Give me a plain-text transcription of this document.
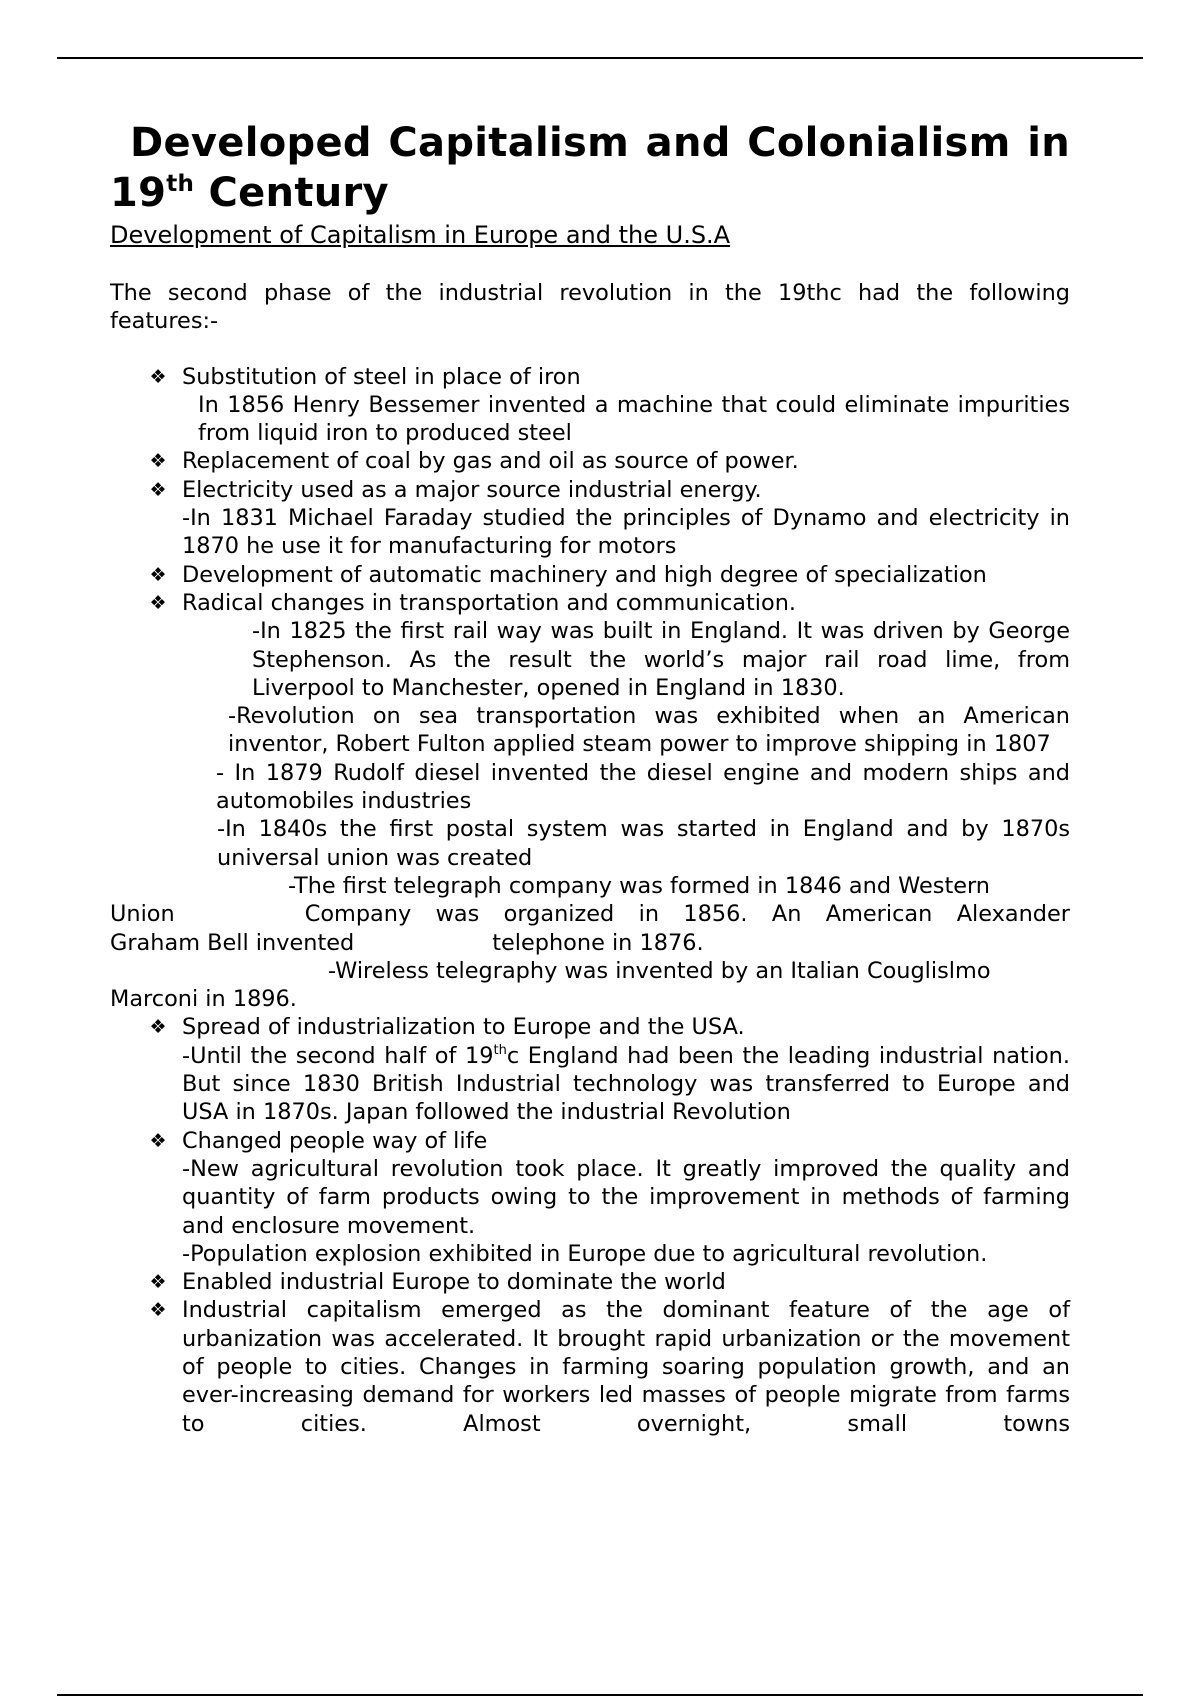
Developed Capitalism and Colonialism in 19th Century
Development of Capitalism in Europe and the U.S.A

The second phase of the industrial revolution in the 19thc had the following features:-

❖ Substitution of steel in place of iron
In 1856 Henry Bessemer invented a machine that could eliminate impurities from liquid iron to produced steel
❖ Replacement of coal by gas and oil as source of power.
❖ Electricity used as a major source industrial energy.
-In 1831 Michael Faraday studied the principles of Dynamo and electricity in 1870 he use it for manufacturing for motors
❖ Development of automatic machinery and high degree of specialization
❖ Radical changes in transportation and communication.
-In 1825 the first rail way was built in England. It was driven by George Stephenson. As the result the world’s major rail road lime, from Liverpool to Manchester, opened in England in 1830.
-Revolution on sea transportation was exhibited when an American inventor, Robert Fulton applied steam power to improve shipping in 1807
- In 1879 Rudolf diesel invented the diesel engine and modern ships and automobiles industries
-In 1840s the first postal system was started in England and by 1870s universal union was created
-The first telegraph company was formed in 1846 and Western
Union	Company was organized in 1856. An American Alexander
Graham Bell invented	telephone in 1876.
-Wireless telegraphy was invented by an Italian Couglislmo
Marconi in 1896.
❖ Spread of industrialization to Europe and the USA.
-Until the second half of 19thc England had been the leading industrial nation. But since 1830 British Industrial technology was transferred to Europe and USA in 1870s. Japan followed the industrial Revolution
❖ Changed people way of life
-New agricultural revolution took place. It greatly improved the quality and quantity of farm products owing to the improvement in methods of farming and enclosure movement.
-Population explosion exhibited in Europe due to agricultural revolution.
❖ Enabled industrial Europe to dominate the world
❖ Industrial capitalism emerged as the dominant feature of the age of urbanization was accelerated. It brought rapid urbanization or the movement of people to cities. Changes in farming soaring population growth, and an ever-increasing demand for workers led masses of people migrate from farms to cities. Almost overnight, small towns
